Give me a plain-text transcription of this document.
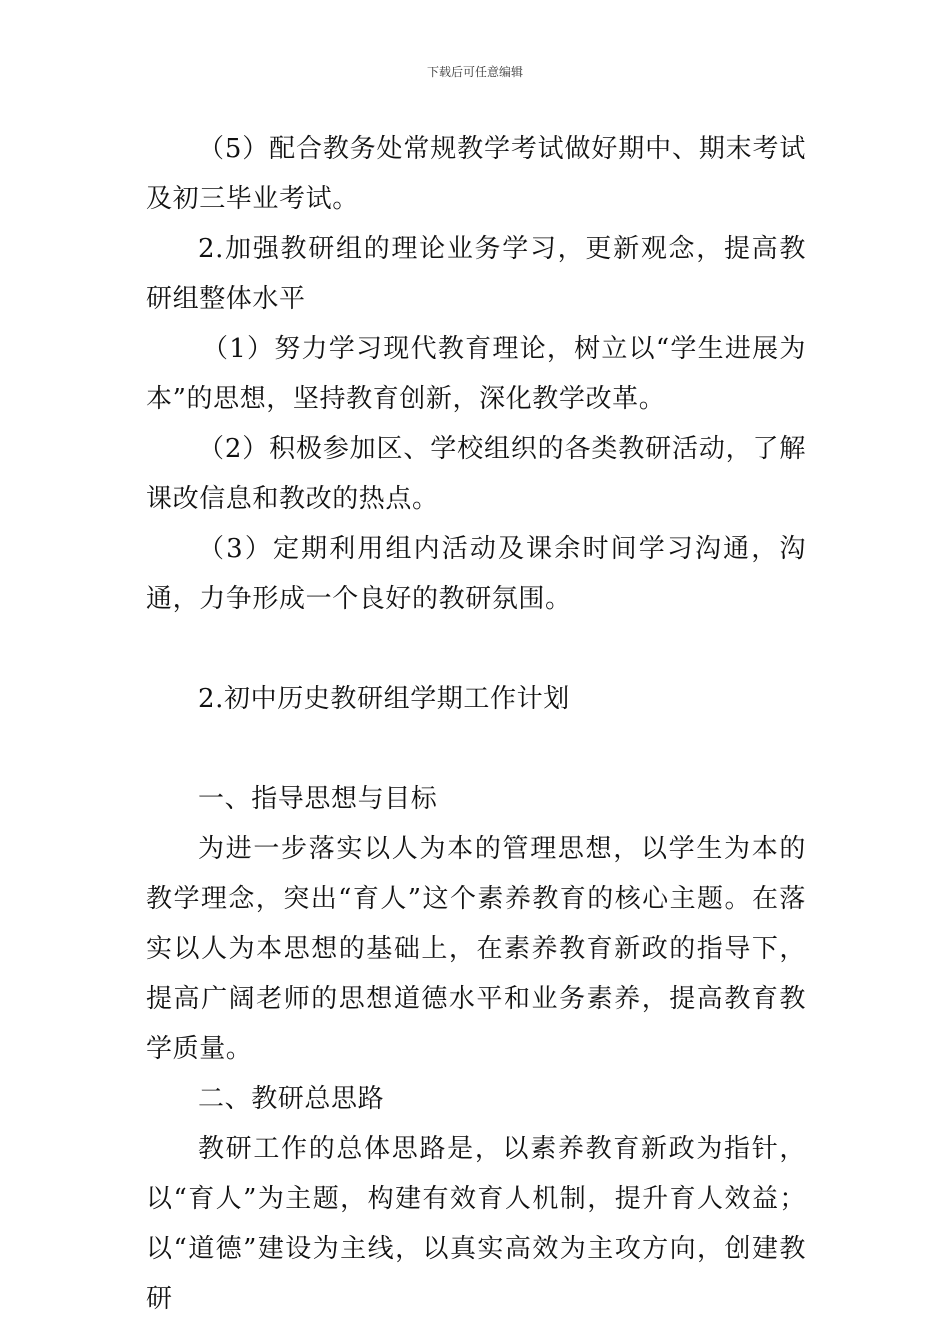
下载后可任意编辑

（5）配合教务处常规教学考试做好期中、期末考试及初三毕业考试。

2.加强教研组的理论业务学习，更新观念，提高教研组整体水平

（1）努力学习现代教育理论，树立以“学生进展为本”的思想，坚持教育创新，深化教学改革。

（2）积极参加区、学校组织的各类教研活动，了解课改信息和教改的热点。

（3）定期利用组内活动及课余时间学习沟通，沟通，力争形成一个良好的教研氛围。

2.初中历史教研组学期工作计划

一、指导思想与目标

为进一步落实以人为本的管理思想，以学生为本的教学理念，突出“育人”这个素养教育的核心主题。在落实以人为本思想的基础上，在素养教育新政的指导下，提高广阔老师的思想道德水平和业务素养，提高教育教学质量。

二、教研总思路

教研工作的总体思路是，以素养教育新政为指针，以“育人”为主题，构建有效育人机制，提升育人效益；以“道德”建设为主线，以真实高效为主攻方向，创建教研
